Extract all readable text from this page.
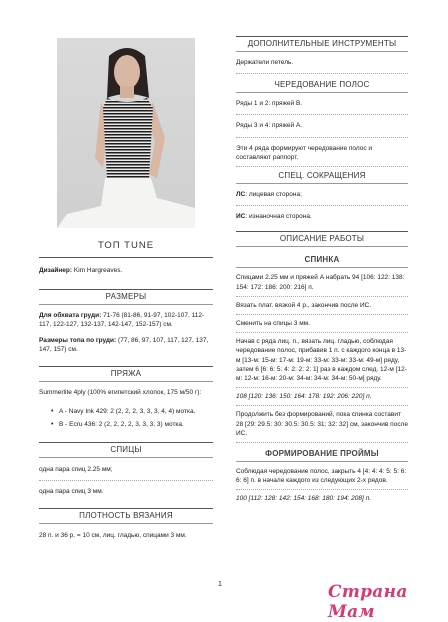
ТОП TUNE

Дизайнер: Kim Hargreaves.

РАЗМЕРЫ

Для обхвата груди: 71-76 (81-86, 91-97, 102-107, 112-117, 122-127, 132-137, 142-147, 152-157) см.

Размеры топа по груди: (77, 86, 97, 107, 117, 127, 137, 147, 157) см.

ПРЯЖА

Summerlite 4ply (100% египетский хлопок, 175 м/50 г):

• A - Navy Ink 429: 2 (2, 2, 2, 3, 3, 3, 4, 4) мотка.

• B - Ecru 436: 2 (2, 2, 2, 2, 3, 3, 3, 3) мотка.

СПИЦЫ

одна пара спиц 2.25 мм;

одна пара спиц 3 мм.

ПЛОТНОСТЬ ВЯЗАНИЯ

28 п. и 36 р. = 10 см, лиц. гладью, спицами 3 мм.

ДОПОЛНИТЕЛЬНЫЕ ИНСТРУМЕНТЫ

Держатели петель.

ЧЕРЕДОВАНИЕ ПОЛОС

Ряды 1 и 2: пряжей B.

Ряды 3 и 4: пряжей А.

Эти 4 ряда формируют чередование полос и составляют раппорт.

СПЕЦ. СОКРАЩЕНИЯ

ЛС: лицевая сторона;

ИС: изнаночная сторона.

ОПИСАНИЕ РАБОТЫ
СПИНКА

Спицами 2.25 мм и пряжей А набрать 94 [106: 122: 138: 154: 172: 186: 200: 216] п.

Вязать плат. вязкой 4 р., закончив после ИС.

Сменить на спицы 3 мм.

Начав с ряда лиц. п., вязать лиц. гладью, соблюдая чередование полос, прибавив 1 п. с каждого конца в 13-м [13-м: 15-м: 17-м: 19-м: 33-м: 33-м: 33-м: 49-м] ряду, затем 6 [6: 6: 5: 4: 2: 2: 2: 1] раз в каждом след. 12-м [12-м: 12-м: 16-м: 20-м: 34-м: 34-м: 34-м: 50-м] ряду.

108 [120: 136: 150: 164: 178: 192: 206: 220] п.

Продолжить без формирований, пока спинка составит 28 [29: 29.5: 30: 30.5: 30.5: 31: 32: 32] см, закончив после ИС.

ФОРМИРОВАНИЕ ПРОЙМЫ

Соблюдая чередование полос, закрыть 4 [4: 4: 4: 5: 5: 6: 6: 6] п. в начале каждого из следующих 2-х рядов.

100 [112: 128: 142: 154: 168: 180: 194: 208] п.

1	Страна Мам
